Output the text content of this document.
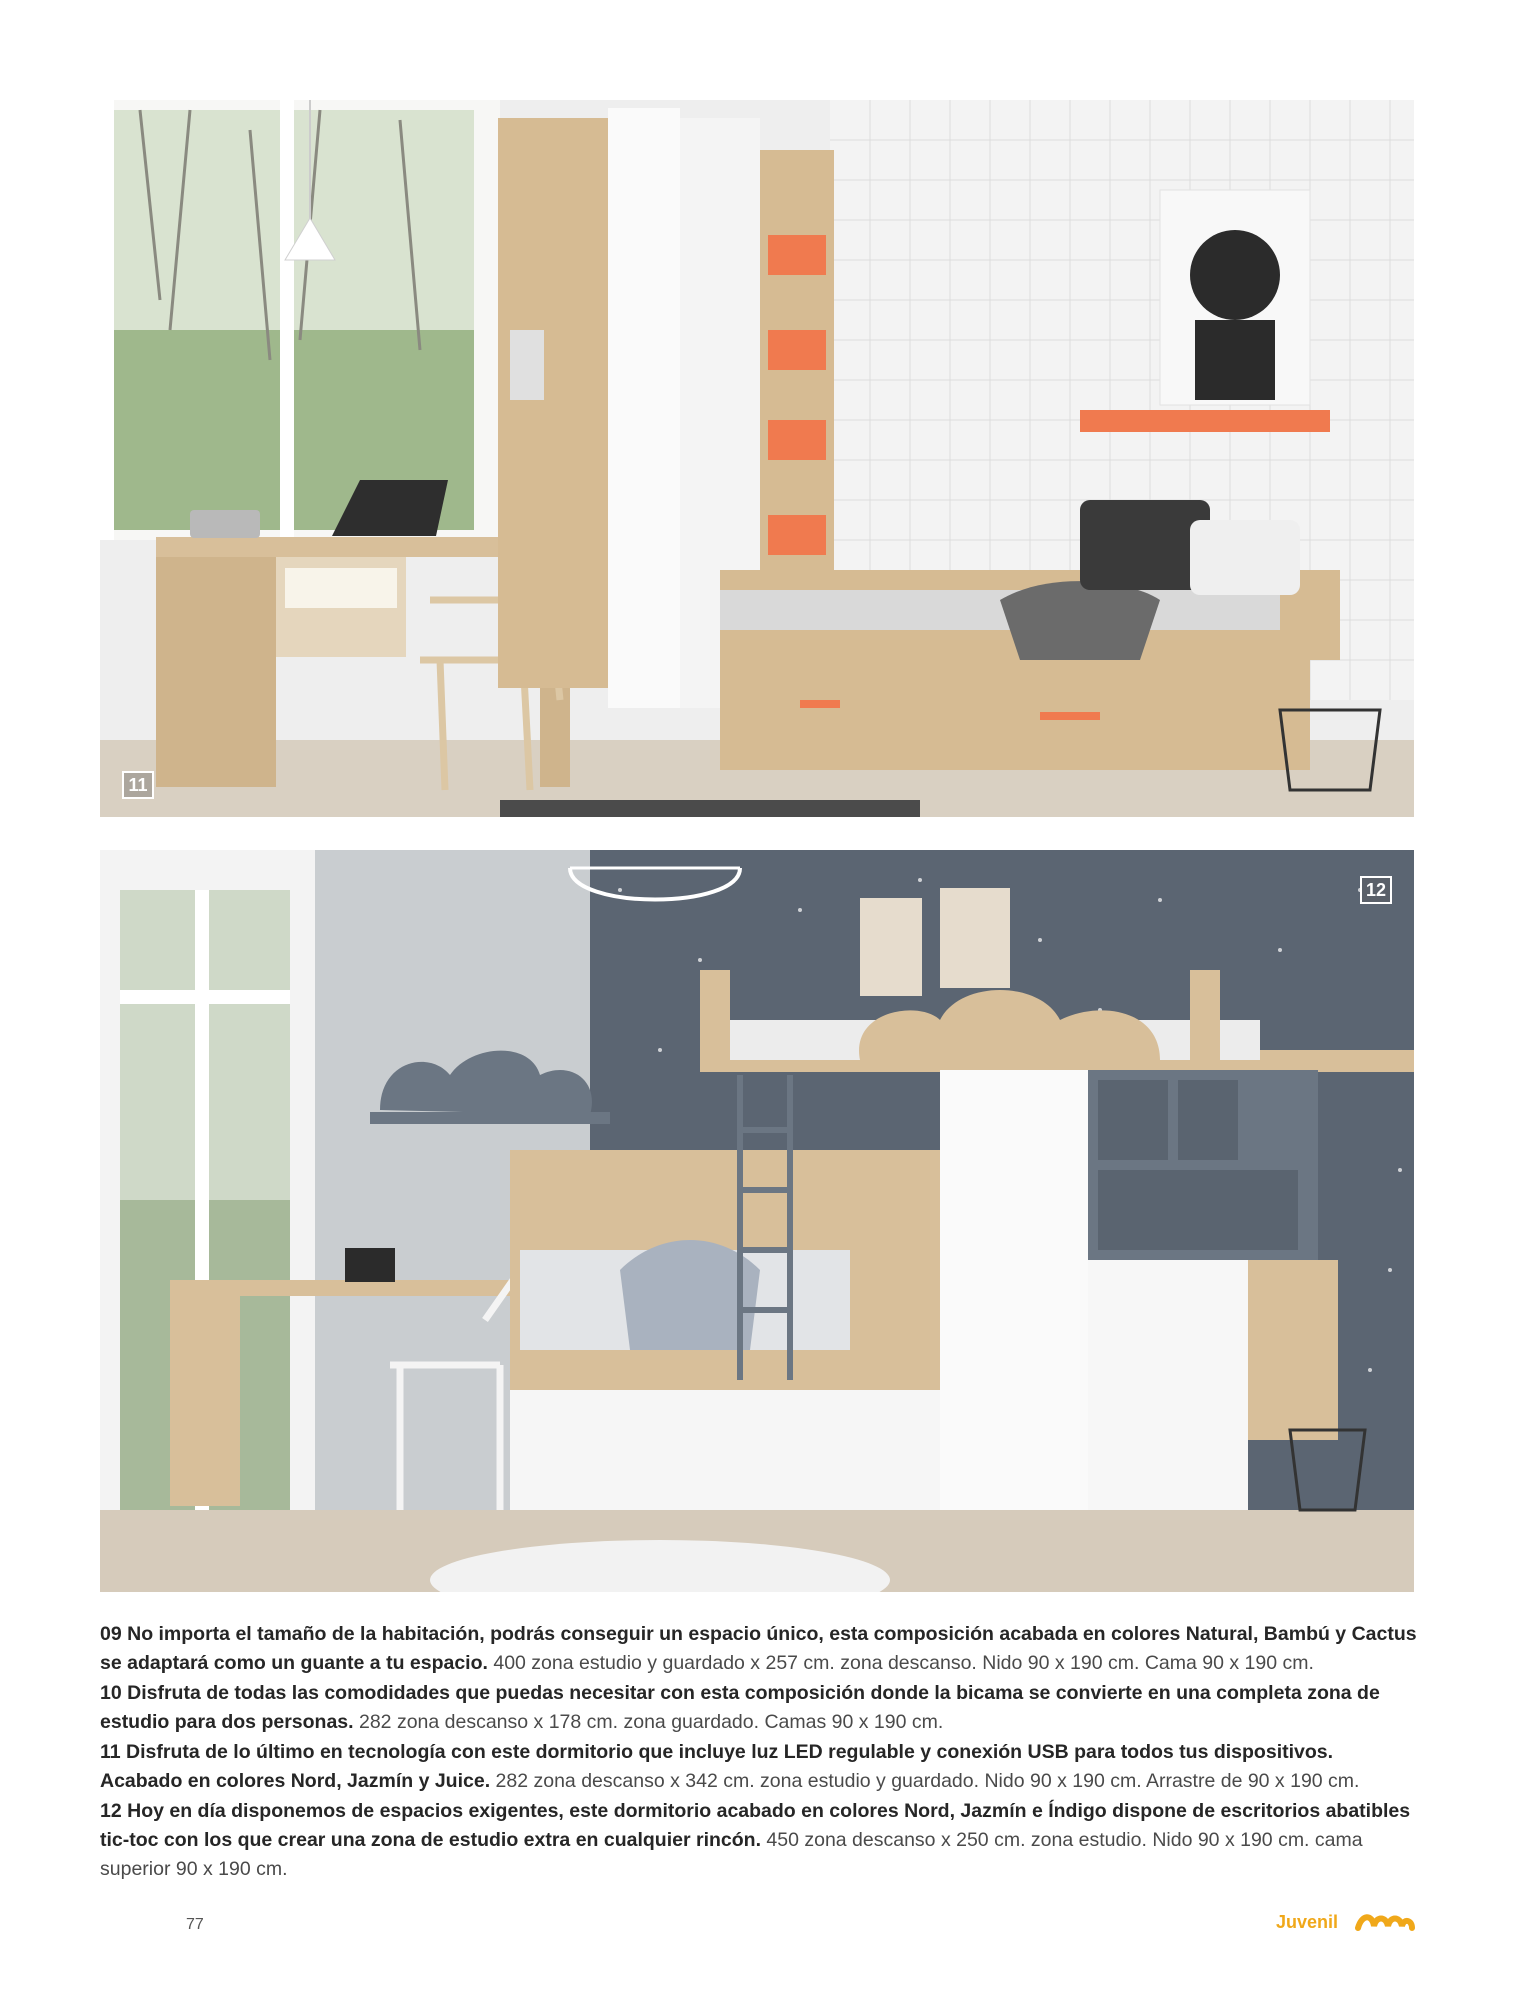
11
12

09 No importa el tamaño de la habitación, podrás conseguir un espacio único, esta composición acabada en colores Natural, Bambú y Cactus se adaptará como un guante a tu espacio. 400 zona estudio y guardado x 257 cm. zona descanso. Nido 90 x 190 cm. Cama 90 x 190 cm.

10 Disfruta de todas las comodidades que puedas necesitar con esta composición donde la bicama se convierte en una completa zona de estudio para dos personas. 282 zona descanso x 178 cm. zona guardado. Camas 90 x 190 cm.

11 Disfruta de lo último en tecnología con este dormitorio que incluye luz LED regulable y conexión USB para todos tus dispositivos. Acabado en colores Nord, Jazmín y Juice. 282 zona descanso x 342 cm. zona estudio y guardado. Nido 90 x 190 cm. Arrastre de 90 x 190 cm.

12 Hoy en día disponemos de espacios exigentes, este dormitorio acabado en colores Nord, Jazmín e Índigo dispone de escritorios abatibles tic-toc con los que crear una zona de estudio extra en cualquier rincón. 450 zona descanso x 250 cm. zona estudio. Nido 90 x 190 cm. cama superior 90 x 190 cm.

77	Juvenil
